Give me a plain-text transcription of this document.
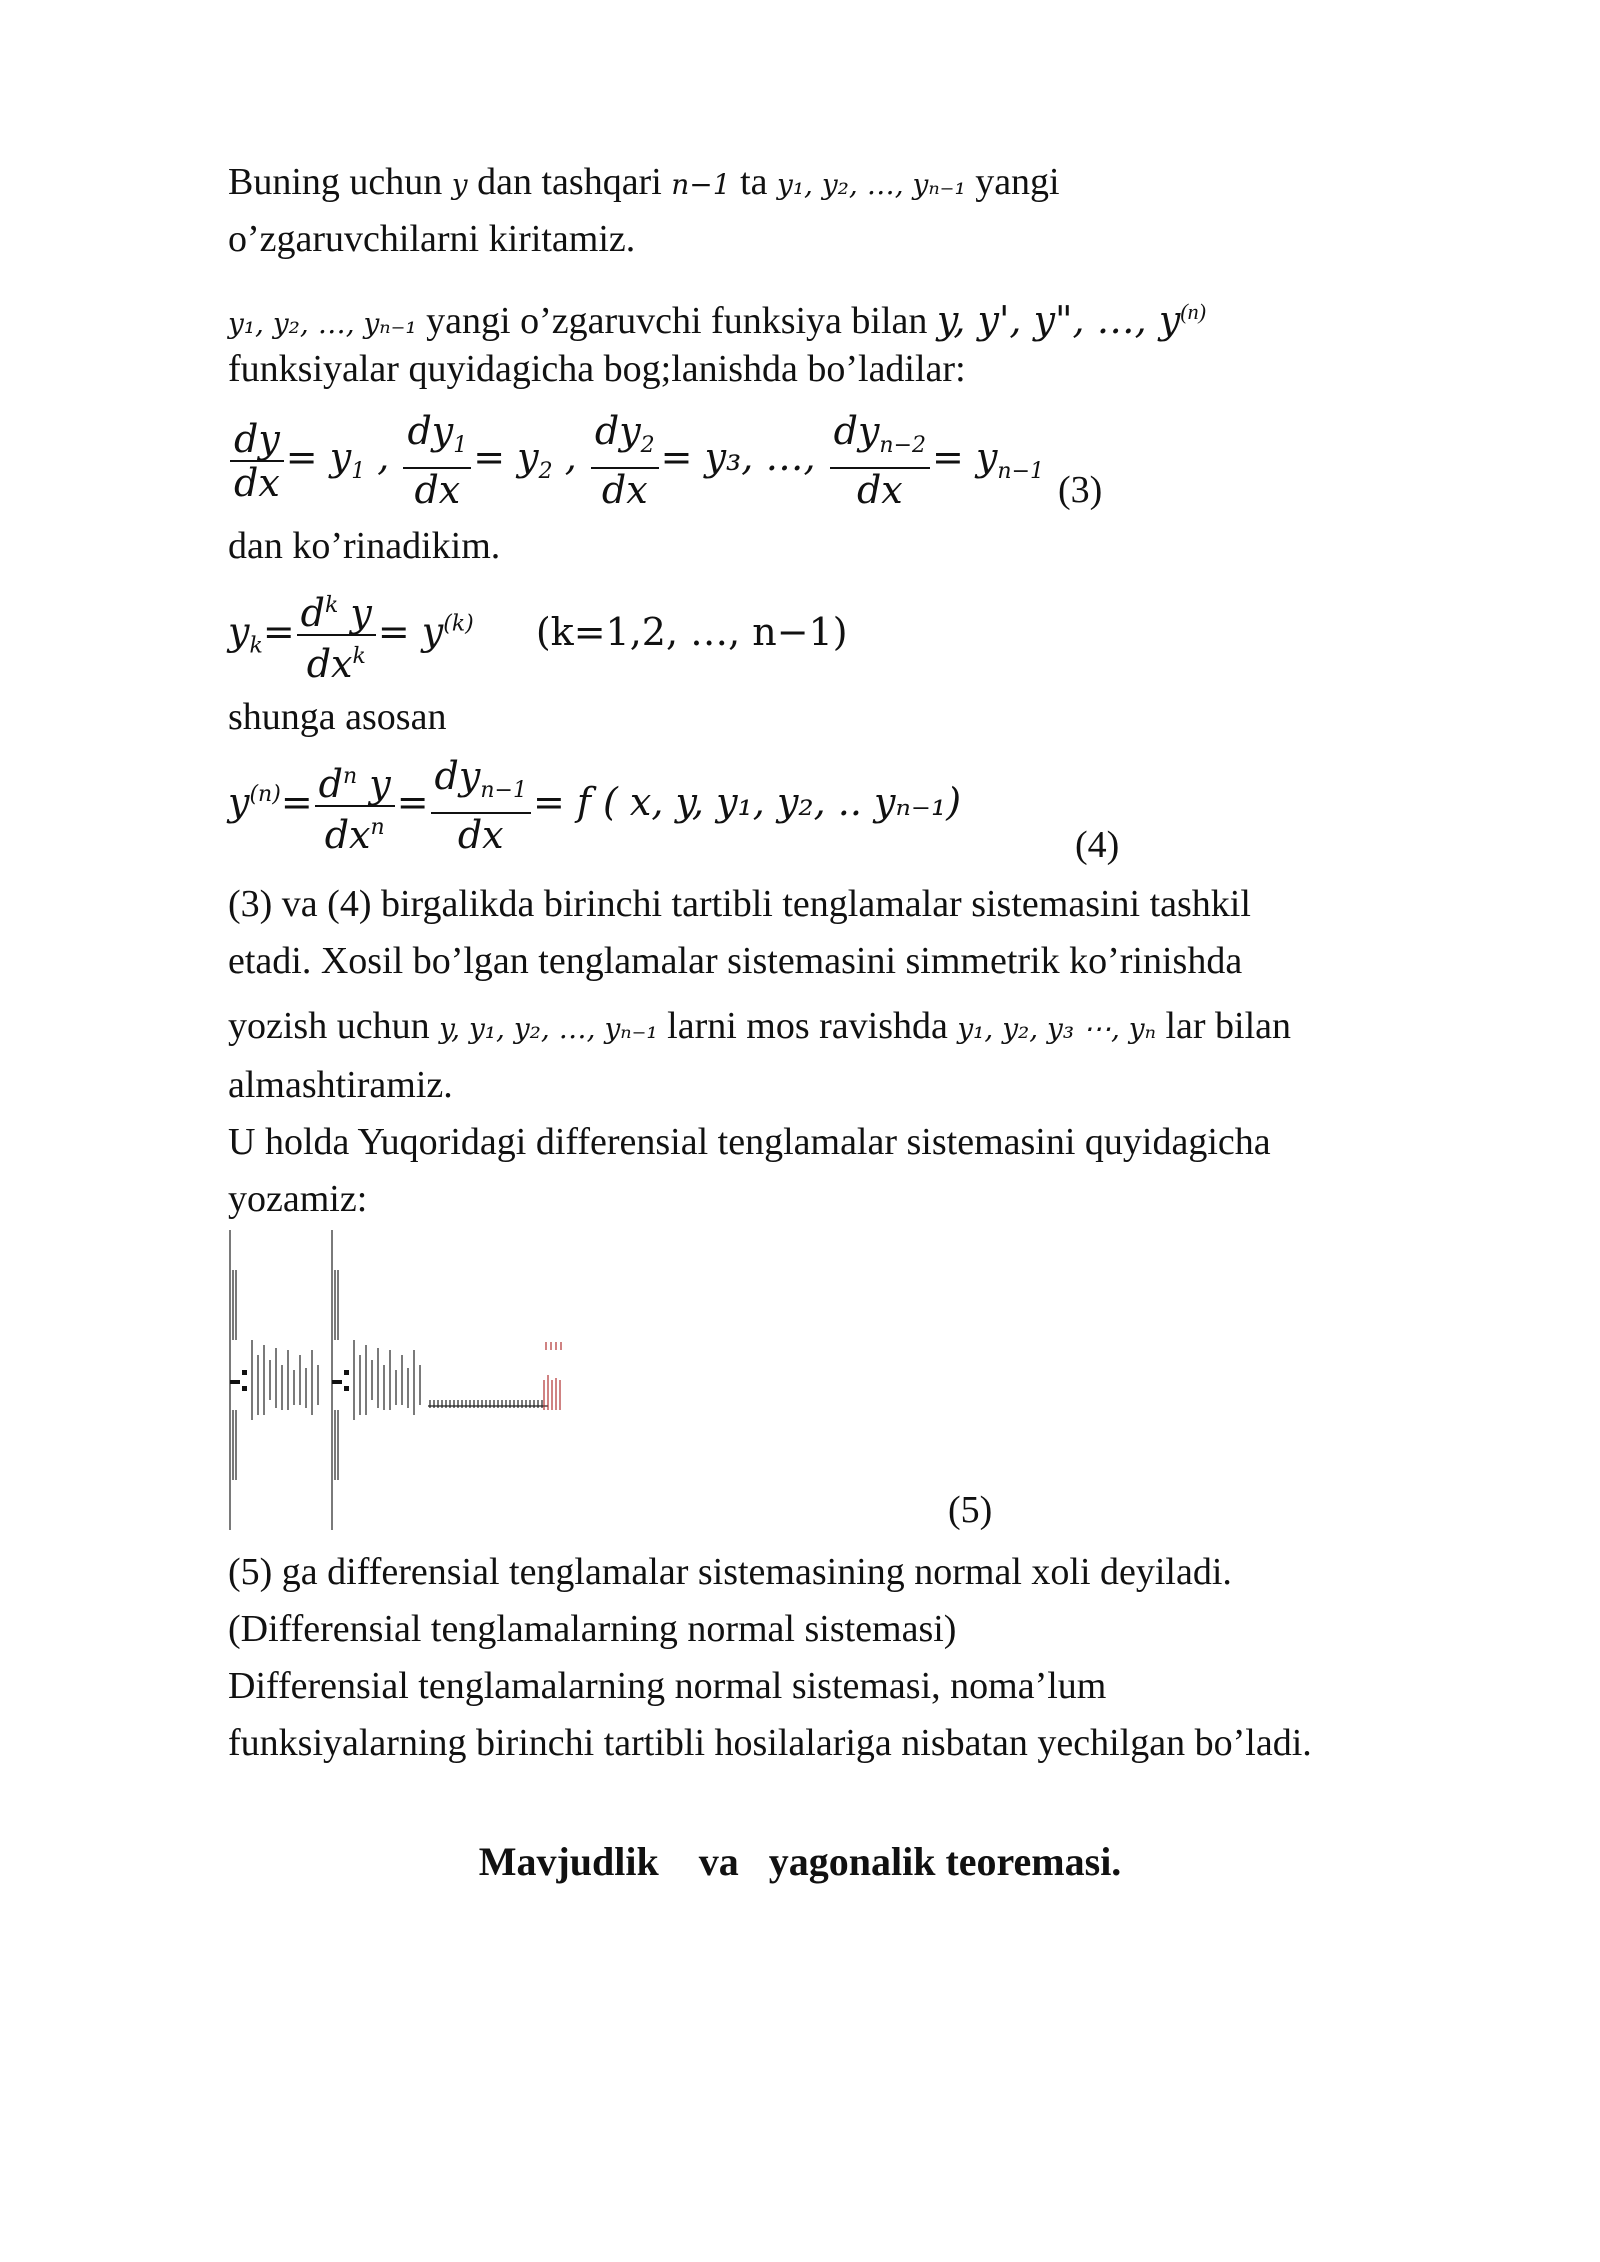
Buning uchun y dan tashqari n−1 ta y₁, y₂, …, yₙ₋₁ yangi
o’zgaruvchilarni kiritamiz.
y₁, y₂, …, yₙ₋₁ yangi o’zgaruvchi funksiya bilan y, y', y", …, $y^{(n)}$
funksiyalar quyidagicha bog;lanishda bo’ladilar:
$\frac{dy}{dx} = y_1$ , $\frac{dy_1}{dx} = y_2$ , $\frac{dy_2}{dx} = y_3$, …, $\frac{dy_{n-2}}{dx} = y_{n-1}$ (3)
dan ko’rinadikim.
$y_k= \frac{d^k y}{dx^k} = y^{(k)}$ (k=1,2, …, n−1)
shunga asosan
$y^{(n)}= \frac{d^n y}{dx^n} = \frac{dy_{n-1}}{dx} = f$ ( x, y, y₁, y₂, .. yₙ₋₁)
(4)
(3) va (4) birgalikda birinchi tartibli tenglamalar sistemasini tashkil
etadi. Xosil bo’lgan tenglamalar sistemasini simmetrik ko’rinishda
yozish uchun y, y₁, y₂, …, yₙ₋₁ larni mos ravishda y₁, y₂, y₃ ⋯, yₙ lar bilan
almashtiramiz.
U holda Yuqoridagi differensial tenglamalar sistemasini quyidagicha
yozamiz:
(5)
(5) ga differensial tenglamalar sistemasining normal xoli deyiladi.
(Differensial tenglamalarning normal sistemasi)
Differensial tenglamalarning normal sistemasi, noma’lum
funksiyalarning birinchi tartibli hosilalariga nisbatan yechilgan bo’ladi.
Mavjudlik    va   yagonalik teoremasi.
